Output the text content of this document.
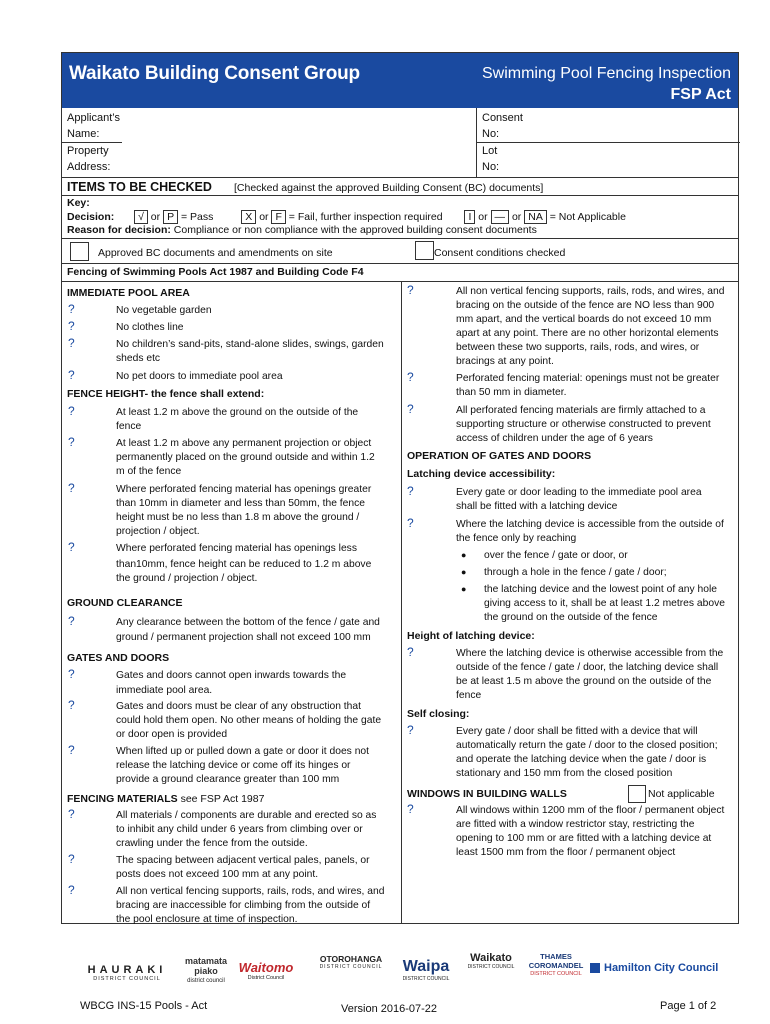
Waikato Building Consent Group	Swimming Pool Fencing Inspection
FSP Act
Applicant’s
Name:
Property
Address:
Consent
No:
Lot
No:
ITEMS TO BE CHECKED [Checked against the approved Building Consent (BC) documents]
Key:
Decision: √ or P = Pass	X or F = Fail, further inspection required I or — or NA = Not Applicable
Reason for decision: Compliance or non compliance with the approved building consent documents
Approved BC documents and amendments on site	Consent conditions checked
Fencing of Swimming Pools Act 1987 and Building Code F4
IMMEDIATE POOL AREA
?	No vegetable garden
?	No clothes line
?	No children’s sand-pits, stand-alone slides, swings, garden
sheds etc
?	No pet doors to immediate pool area
FENCE HEIGHT- the fence shall extend:
?	At least 1.2 m above the ground on the outside of the
fence
?	At least 1.2 m above any permanent projection or object
permanently placed on the ground outside and within 1.2
m of the fence
?	Where perforated fencing material has openings greater
than 10mm in diameter and less than 50mm, the fence
height must be no less than 1.8 m above the ground /
projection / object.
?	Where perforated fencing material has openings less
than10mm, fence height can be reduced to 1.2 m above
the ground / projection / object.
GROUND CLEARANCE
?	Any clearance between the bottom of the fence / gate and
ground / permanent projection shall not exceed 100 mm
GATES AND DOORS
?	Gates and doors cannot open inwards towards the
immediate pool area.
?	Gates and doors must be clear of any obstruction that
could hold them open. No other means of holding the gate
or door open is provided
?	When lifted up or pulled down a gate or door it does not
release the latching device or come off its hinges or
provide a ground clearance greater than 100 mm
FENCING MATERIALS see FSP Act 1987
?	All materials / components are durable and erected so as
to inhibit any child under 6 years from climbing over or
crawling under the fence from the outside.
?	The spacing between adjacent vertical pales, panels, or
posts does not exceed 100 mm at any point.
?	All non vertical fencing supports, rails, rods, and wires, and
bracing are inaccessible for climbing from the outside of
the pool enclosure at time of inspection.
?	All non vertical fencing supports, rails, rods, and wires, and
bracing on the outside of the fence are NO less than 900
mm apart, and the vertical boards do not exceed 10 mm
apart at any point. There are no other horizontal elements
between these two supports, rails, rods, and wires, or
bracings at any point.
?	Perforated fencing material: openings must not be greater
than 50 mm in diameter.
?	All perforated fencing materials are firmly attached to a
supporting structure or otherwise constructed to prevent
access of children under the age of 6 years
OPERATION OF GATES AND DOORS
Latching device accessibility:
?	Every gate or door leading to the immediate pool area
shall be fitted with a latching device
?	Where the latching device is accessible from the outside of
the fence only by reaching
● over the fence / gate or door, or
● through a hole in the fence / gate / door;
● the latching device and the lowest point of any hole
giving access to it, shall be at least 1.2 metres above
the ground on the outside of the fence
Height of latching device:
?	Where the latching device is otherwise accessible from the
outside of the fence / gate / door, the latching device shall
be at least 1.5 m above the ground on the outside of the
fence
Self closing:
?	Every gate / door shall be fitted with a device that will
automatically return the gate / door to the closed position;
and operate the latching device when the gate / door is
stationary and 150 mm from the closed position
WINDOWS IN BUILDING WALLS	Not applicable
?	All windows within 1200 mm of the floor / permanent object
are fitted with a window restrictor stay, restricting the
opening to 100 mm or are fitted with a latching device at
least 1500 mm from the floor / permanent object
HAURAKI
DISTRICT COUNCIL
matamata piako
district council
Waitomo
District Council
OTOROHANGA
DISTRICT COUNCIL	Waipa
DISTRICT COUNCIL
Waikato
DISTRICT COUNCIL
THAMES COROMANDEL
DISTRICT COUNCIL	Hamilton City Council
WBCG INS-15 Pools - Act	Version 2016-07-22	Page 1 of 2
